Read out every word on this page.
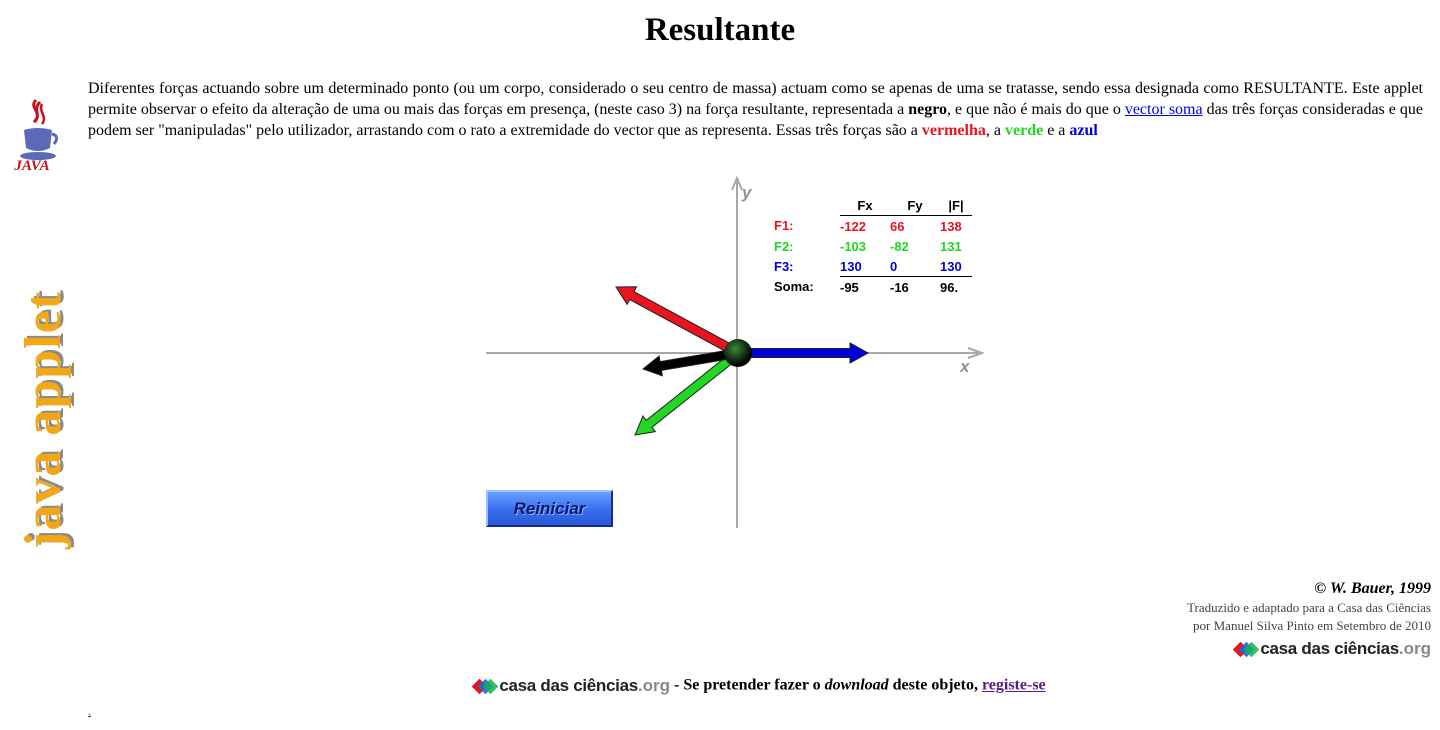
JAVA
java applet
Resultante

Diferentes forças actuando sobre um determinado ponto (ou um corpo, considerado o seu centro de massa) actuam como se apenas de uma se tratasse, sendo essa designada como RESULTANTE. Este applet permite observar o efeito da alteração de uma ou mais das forças em presença, (neste caso 3) na força resultante, representada a negro, e que não é mais do que o vector soma das três forças consideradas e que podem ser "manipuladas" pelo utilizador, arrastando com o rato a extremidade do vector que as representa. Essas três forças são a vermelha, a verde e a azul

x
y
	Fx	Fy	|F|
F1:	-122	66	138
F2:	-103	-82	131
F3:	130	0	130
Soma:	-95	-16	96.
Reiniciar
© W. Bauer, 1999
Traduzido e adaptado para a Casa das Ciências
por Manuel Silva Pinto em Setembro de 2010
casa das ciências .org
casa das ciências .org - Se pretender fazer o download deste objeto, registe-se
.
